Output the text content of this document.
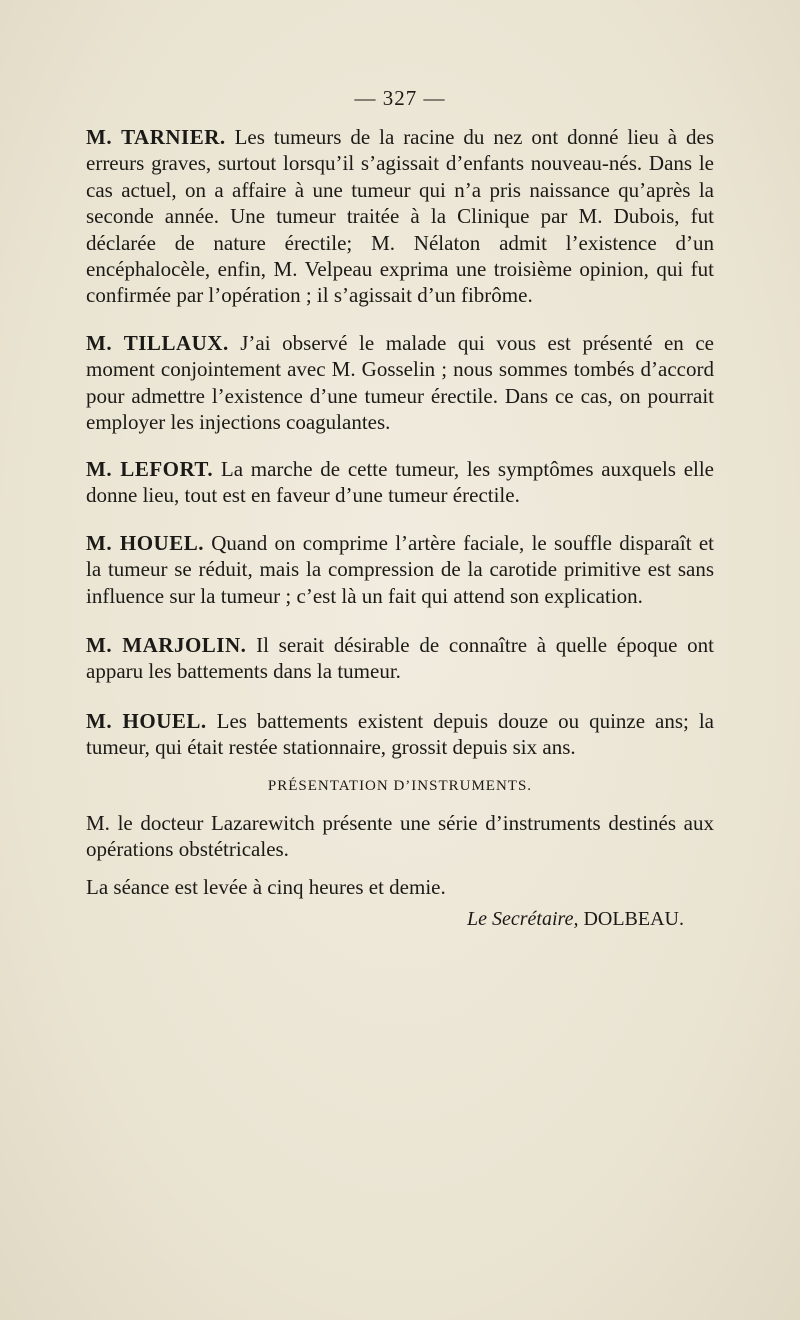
— 327 —
M. TARNIER. Les tumeurs de la racine du nez ont donné lieu à des erreurs graves, surtout lorsqu’il s’agissait d’enfants nouveau-nés. Dans le cas actuel, on a affaire à une tumeur qui n’a pris naissance qu’après la seconde année. Une tumeur traitée à la Clinique par M. Dubois, fut déclarée de nature érectile; M. Nélaton admit l’existence d’un encéphalocèle, enfin, M. Velpeau exprima une troisième opinion, qui fut confirmée par l’opération ; il s’agissait d’un fibrôme.
M. TILLAUX. J’ai observé le malade qui vous est présenté en ce moment conjointement avec M. Gosselin ; nous sommes tombés d’accord pour admettre l’existence d’une tumeur érectile. Dans ce cas, on pourrait employer les injections coagulantes.
M. LEFORT. La marche de cette tumeur, les symptômes auxquels elle donne lieu, tout est en faveur d’une tumeur érectile.
M. HOUEL. Quand on comprime l’artère faciale, le souffle disparaît et la tumeur se réduit, mais la compression de la carotide primitive est sans influence sur la tumeur ; c’est là un fait qui attend son explication.
M. MARJOLIN. Il serait désirable de connaître à quelle époque ont apparu les battements dans la tumeur.
M. HOUEL. Les battements existent depuis douze ou quinze ans; la tumeur, qui était restée stationnaire, grossit depuis six ans.
PRÉSENTATION D’INSTRUMENTS.
M. le docteur Lazarewitch présente une série d’instruments destinés aux opérations obstétricales.
La séance est levée à cinq heures et demie.
Le Secrétaire, DOLBEAU.
